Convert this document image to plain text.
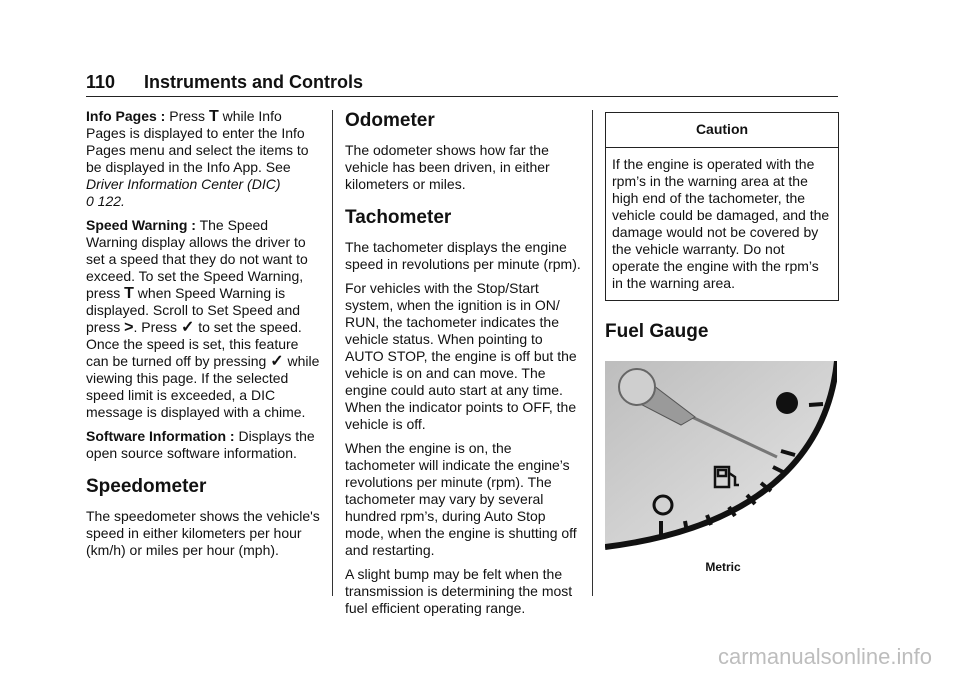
110 Instruments and Controls

Info Pages : Press T while Info Pages is displayed to enter the Info Pages menu and select the items to be displayed in the Info App. See Driver Information Center (DIC)
0 122.

Speed Warning : The Speed Warning display allows the driver to set a speed that they do not want to exceed. To set the Speed Warning, press T when Speed Warning is displayed. Scroll to Set Speed and press >. Press ✓ to set the speed. Once the speed is set, this feature can be turned off by pressing ✓ while viewing this page. If the selected speed limit is exceeded, a DIC message is displayed with a chime.

Software Information : Displays the open source software information.

Speedometer

The speedometer shows the vehicle's speed in either kilometers per hour (km/h) or miles per hour (mph).

Odometer

The odometer shows how far the vehicle has been driven, in either kilometers or miles.

Tachometer

The tachometer displays the engine speed in revolutions per minute (rpm).

For vehicles with the Stop/Start system, when the ignition is in ON/ RUN, the tachometer indicates the vehicle status. When pointing to AUTO STOP, the engine is off but the vehicle is on and can move. The engine could auto start at any time. When the indicator points to OFF, the vehicle is off.

When the engine is on, the tachometer will indicate the engine’s revolutions per minute (rpm). The tachometer may vary by several hundred rpm’s, during Auto Stop mode, when the engine is shutting off and restarting.

A slight bump may be felt when the transmission is determining the most fuel efficient operating range.

Caution
If the engine is operated with the rpm’s in the warning area at the high end of the tachometer, the vehicle could be damaged, and the damage would not be covered by the vehicle warranty. Do not operate the engine with the rpm’s in the warning area.
Fuel Gauge
Metric
carmanualsonline.info
